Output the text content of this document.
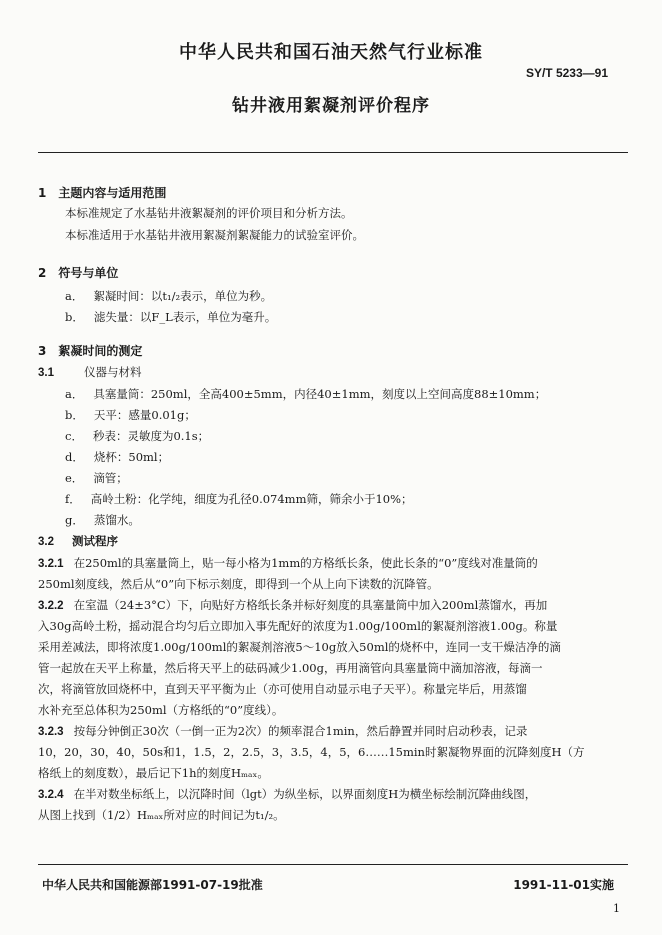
中华人民共和国石油天然气行业标准
SY/T 5233—91
钻井液用絮凝剂评价程序
1　主题内容与适用范围
本标准规定了水基钻井液絮凝剂的评价项目和分析方法。
本标准适用于水基钻井液用絮凝剂絮凝能力的试验室评价。
2　符号与单位
a． 絮凝时间：以t₁/₂表示，单位为秒。
b． 滤失量：以F_L表示，单位为毫升。
3　絮凝时间的测定
3.1	仪器与材料
a． 具塞量筒：250ml，全高400±5mm，内径40±1mm，刻度以上空间高度88±10mm；
b． 天平：感量0.01g；
c． 秒表：灵敏度为0.1s；
d． 烧杯：50ml；
e． 滴管；
f． 高岭土粉：化学纯，细度为孔径0.074mm筛，筛余小于10%；
g． 蒸馏水。
3.2 测试程序
3.2.1 在250ml的具塞量筒上，贴一每小格为1mm的方格纸长条，使此长条的“0”度线对准量筒的
250ml刻度线，然后从“0”向下标示刻度，即得到一个从上向下读数的沉降管。
3.2.2 在室温（24±3°C）下，向贴好方格纸长条并标好刻度的具塞量筒中加入200ml蒸馏水，再加
入30g高岭土粉，摇动混合均匀后立即加入事先配好的浓度为1.00g/100ml的絮凝剂溶液1.00g。称量
采用差减法，即将浓度1.00g/100ml的絮凝剂溶液5～10g放入50ml的烧杯中，连同一支干燥洁净的滴
管一起放在天平上称量，然后将天平上的砝码减少1.00g，再用滴管向具塞量筒中滴加溶液，每滴一
次，将滴管放回烧杯中，直到天平平衡为止（亦可使用自动显示电子天平）。称量完毕后，用蒸馏
水补充至总体积为250ml（方格纸的“0”度线）。
3.2.3 按每分钟倒正30次（一倒一正为2次）的频率混合1min，然后静置并同时启动秒表，记录
10，20，30，40，50s和1，1.5，2，2.5，3，3.5，4，5，6……15min时絮凝物界面的沉降刻度H（方
格纸上的刻度数），最后记下1h的刻度Hₘₐₓ。
3.2.4 在半对数坐标纸上，以沉降时间（lgt）为纵坐标，以界面刻度H为横坐标绘制沉降曲线图，
从图上找到（1/2）Hₘₐₓ所对应的时间记为t₁/₂。
中华人民共和国能源部1991-07-19批准	1991-11-01实施
1
